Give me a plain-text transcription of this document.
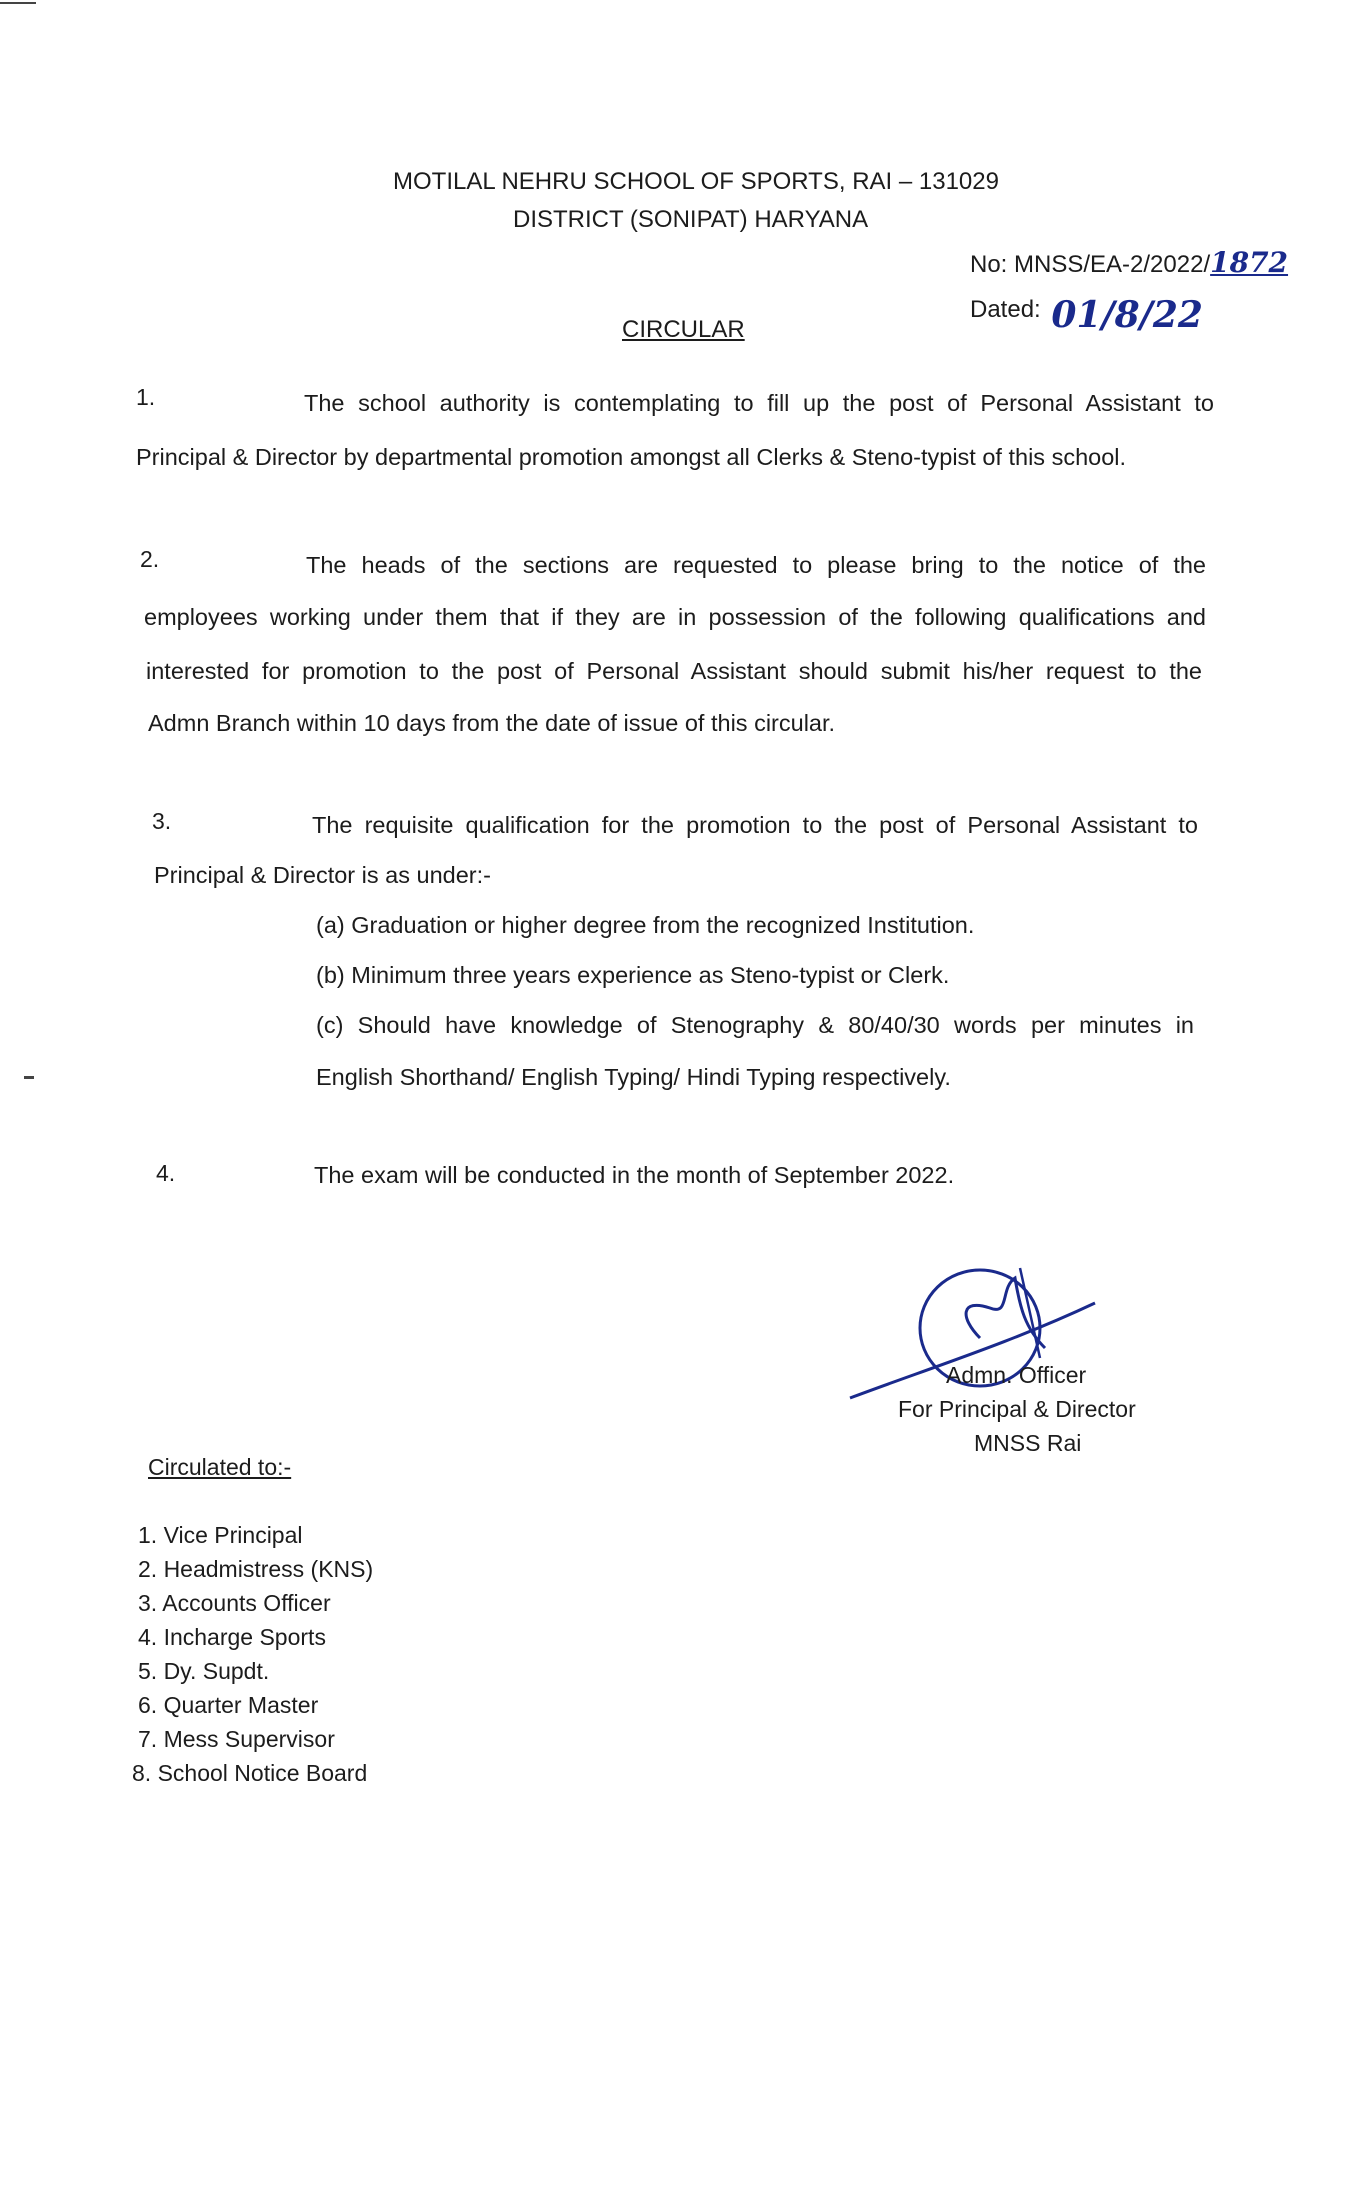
MOTILAL NEHRU SCHOOL OF SPORTS, RAI – 131029
DISTRICT (SONIPAT) HARYANA
No: MNSS/EA-2/2022/1872
Dated: 01/8/22
CIRCULAR
1.	The school authority is contemplating to fill up the post of Personal Assistant to
Principal & Director by departmental promotion amongst all Clerks & Steno-typist of this school.
2.	The heads of the sections are requested to please bring to the notice of the
employees working under them that if they are in possession of the following qualifications and
interested for promotion to the post of Personal Assistant should submit his/her request to the
Admn Branch within 10 days from the date of issue of this circular.
3.	The requisite qualification for the promotion to the post of Personal Assistant to
Principal & Director is as under:-
(a) Graduation or higher degree from the recognized Institution.
(b) Minimum three years experience as Steno-typist or Clerk.
(c) Should have knowledge of Stenography & 80/40/30 words per minutes in
English Shorthand/ English Typing/ Hindi Typing respectively.
4.	The exam will be conducted in the month of September 2022.
Admn. Officer
For Principal & Director
MNSS Rai
Circulated to:-
1. Vice Principal
2. Headmistress (KNS)
3. Accounts Officer
4. Incharge Sports
5. Dy. Supdt.
6. Quarter Master
7. Mess Supervisor
8. School Notice Board
